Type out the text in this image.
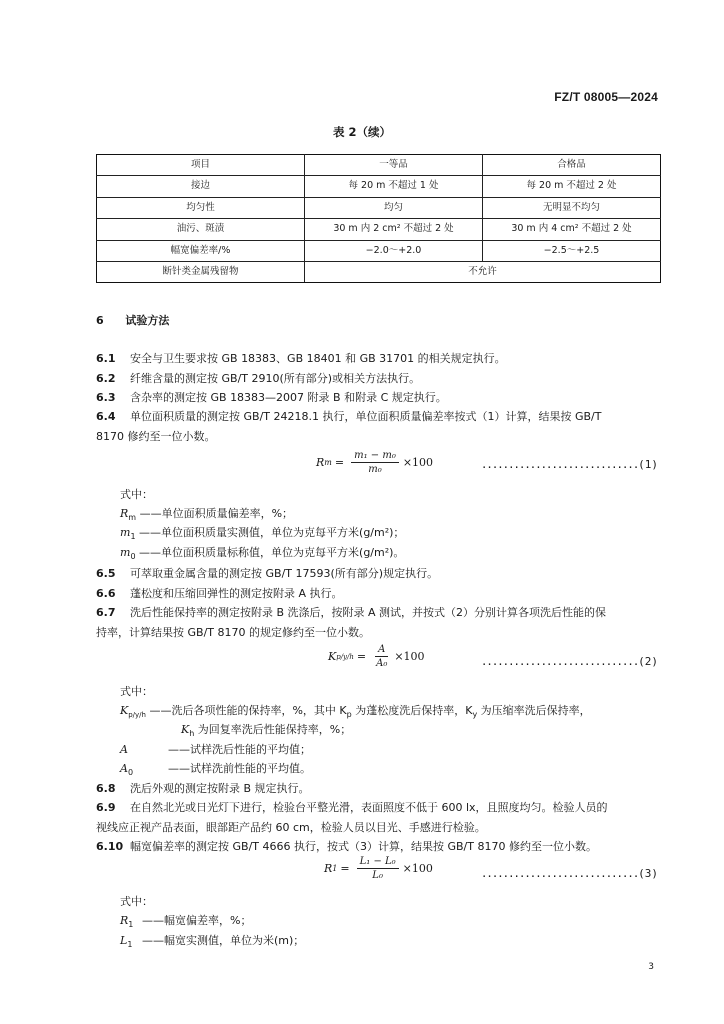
FZ/T 08005—2024
表 2（续）
项目	一等品	合格品
接边	每 20 m 不超过 1 处	每 20 m 不超过 2 处
均匀性	均匀	无明显不均匀
油污、斑渍	30 m 内 2 cm² 不超过 2 处	30 m 内 4 cm² 不超过 2 处
幅宽偏差率/%	−2.0～+2.0	−2.5～+2.5
断针类金属残留物	不允许	
6 试验方法
6.1 安全与卫生要求按 GB 18383、GB 18401 和 GB 31701 的相关规定执行。
6.2 纤维含量的测定按 GB/T 2910(所有部分)或相关方法执行。
6.3 含杂率的测定按 GB 18383—2007 附录 B 和附录 C 规定执行。
6.4 单位面积质量的测定按 GB/T 24218.1 执行，单位面积质量偏差率按式（1）计算，结果按 GB/T
8170 修约至一位小数。
R $m = \frac{\text{m₁ − m₀}}{\text{m₀}} \times 100$	.............................(1)
式中：
$R_m$ ——单位面积质量偏差率，%；
$m_1$ ——单位面积质量实测值，单位为克每平方米(g/m²)；
$m_0$ ——单位面积质量标称值，单位为克每平方米(g/m²)。
6.5 可萃取重金属含量的测定按 GB/T 17593(所有部分)规定执行。
6.6 蓬松度和压缩回弹性的测定按附录 A 执行。
6.7 洗后性能保持率的测定按附录 B 洗涤后，按附录 A 测试，并按式（2）分别计算各项洗后性能的保
持率，计算结果按 GB/T 8170 的规定修约至一位小数。
K $p/y/h = \frac{A}{\text{A₀}} \times 100$	.............................(2)
式中：
$K_{p/y/h}$ ——洗后各项性能的保持率，%，其中 $K_p$ 为蓬松度洗后保持率，$K_y$ 为压缩率洗后保持率，
$K_h$ 为回复率洗后性能保持率，%；
A	——试样洗后性能的平均值；
$A_0$	——试样洗前性能的平均值。
6.8 洗后外观的测定按附录 B 规定执行。
6.9 在自然北光或日光灯下进行，检验台平整光滑，表面照度不低于 600 lx，且照度均匀。检验人员的
视线应正视产品表面，眼部距产品约 60 cm，检验人员以目光、手感进行检验。
6.10 幅宽偏差率的测定按 GB/T 4666 执行，按式（3）计算，结果按 GB/T 8170 修约至一位小数。
R $1 = \frac{\text{L₁ − L₀}}{\text{L₀}} \times 100$	.............................(3)
式中：
$R_1$ ——幅宽偏差率，%；
$L_1$ ——幅宽实测值，单位为米(m)；
3
